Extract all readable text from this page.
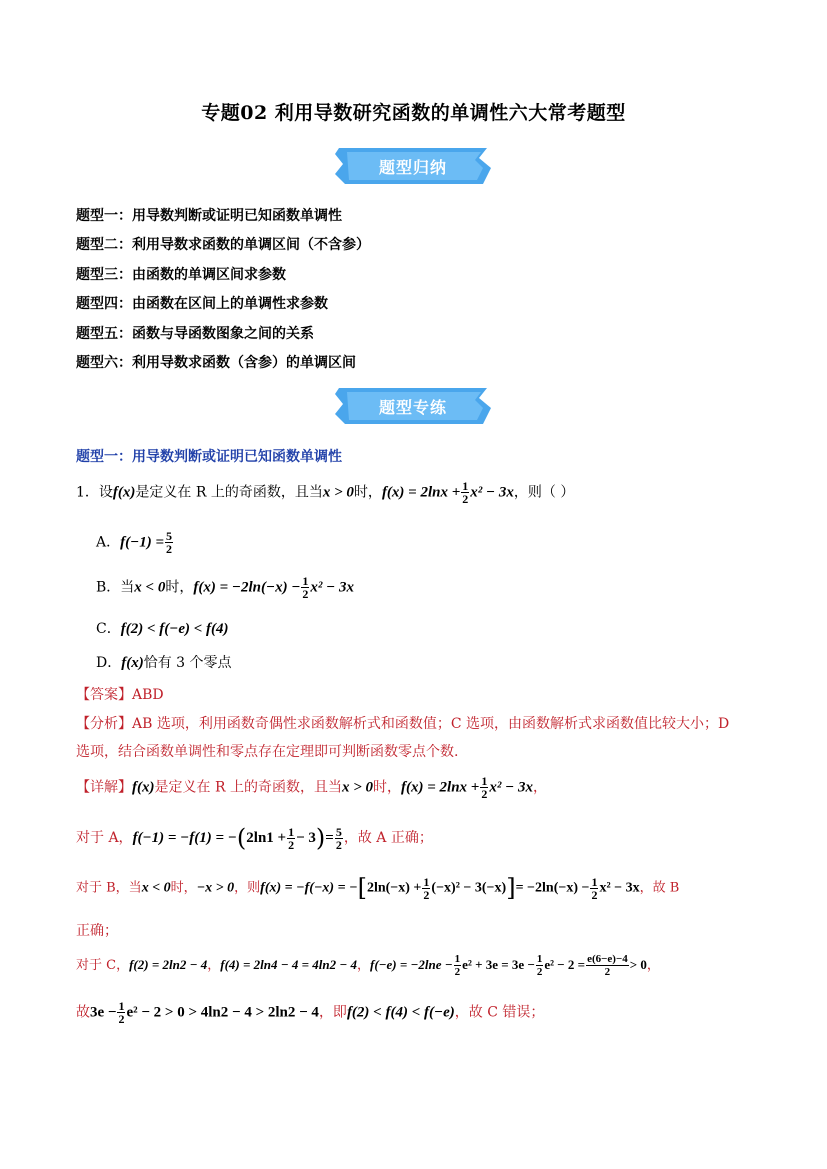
专题02 利用导数研究函数的单调性六大常考题型
题型归纳
题型一：用导数判断或证明已知函数单调性
题型二：利用导数求函数的单调区间（不含参）
题型三：由函数的单调区间求参数
题型四：由函数在区间上的单调性求参数
题型五：函数与导函数图象之间的关系
题型六：利用导数求函数（含参）的单调区间
题型专练
题型一：用导数判断或证明已知函数单调性
1．设f(x)是定义在 R 上的奇函数，且当x > 0时，$f(x) = 2\ln x + \frac{1}{2} x^2 - 3x$，则（ ）
A．$f(-1) = \frac{5}{2}$
B．当x < 0时，$f(x) = -2\ln(-x) - \frac{1}{2} x^2 - 3x$
C．f(2) < f(−e) < f(4)
D．f(x)恰有 3 个零点
【答案】ABD
【分析】AB 选项，利用函数奇偶性求函数解析式和函数值；C 选项，由函数解析式求函数值比较大小；D
选项，结合函数单调性和零点存在定理即可判断函数零点个数.
【详解】f(x)是定义在 R 上的奇函数，且当x > 0时，$f(x) = 2\ln x + \frac{1}{2} x^2 - 3x$，
对于 A，$f(-1) = -f(1) = -(2\ln 1 + \frac{1}{2} - 3)= \frac{5}{2}$ ，故 A 正确；
对于 B，当x < 0时，−x > 0，则$f(x) = -f(-x) = -[2\ln(-x) + \frac{1}{2} (-x)^2 - 3(-x)]= -2\ln(-x) - \frac{1}{2} x^2 - 3x$，故 B
正确；
对于 C，f(2) = 2ln2 − 4，f(4) = 2ln4 − 4 = 4ln2 − 4，$f(-e) = -2\ln e - \frac{1}{2} e^2 + 3e = 3e - \frac{1}{2} e^2 - 2 = \frac{e(6-e)-4}{2} > 0$，
故$3e - \frac{1}{2} e^2 - 2 > 0 > 4\ln 2 - 4 > 2\ln 2 - 4$，即f(2) < f(4) < f(−e)，故 C 错误；
